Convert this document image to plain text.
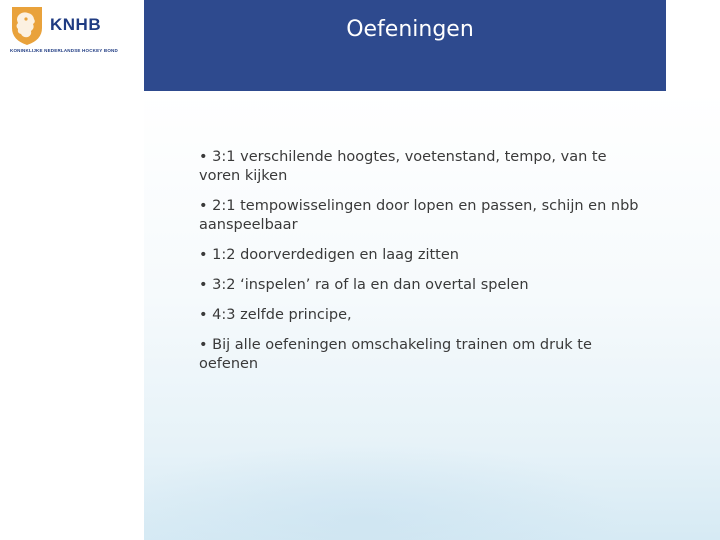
Oefeningen
KNHB
KONINKLIJKE NEDERLANDSE HOCKEY BOND
• 3:1 verschilende hoogtes, voetenstand, tempo, van te voren kijken
• 2:1 tempowisselingen door lopen en passen, schijn en nbb aanspeelbaar
• 1:2 doorverdedigen en laag zitten
• 3:2 ‘inspelen’ ra of la en dan overtal spelen
• 4:3 zelfde principe,
• Bij alle oefeningen omschakeling trainen om druk te oefenen
